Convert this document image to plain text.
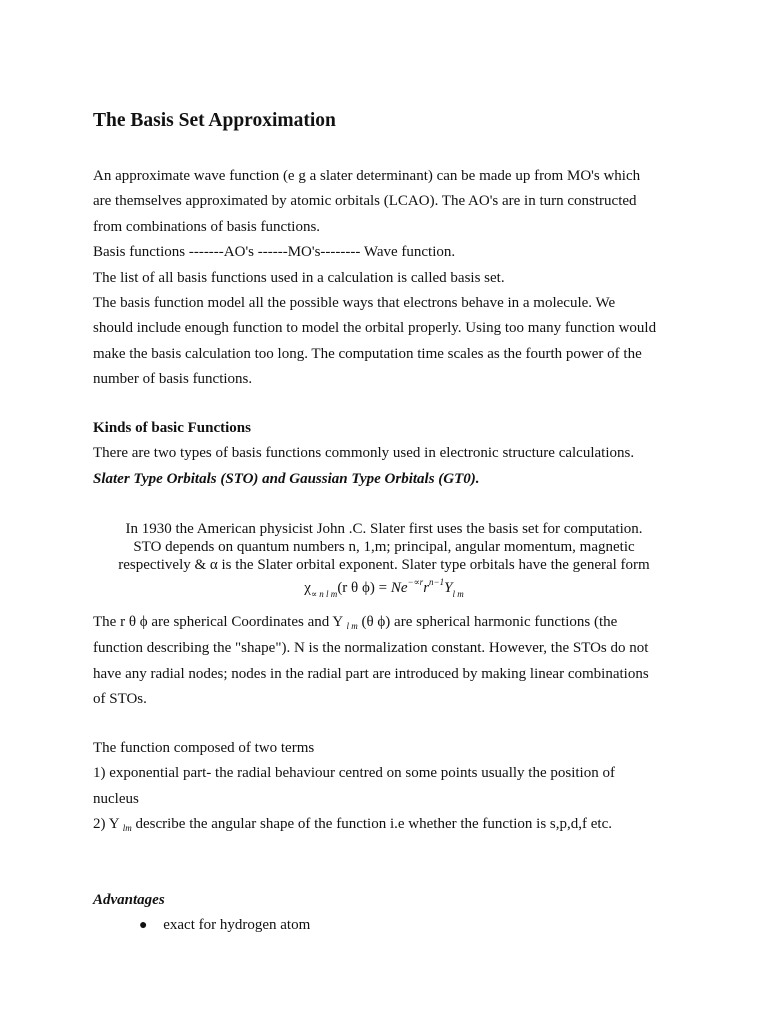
The Basis Set Approximation
An approximate wave function (e g a slater determinant) can be made up from MO's which
are themselves approximated by atomic orbitals (LCAO). The AO's are in turn constructed
from combinations of basis functions.
Basis functions -------AO's ------MO's-------- Wave function.
The list of all basis functions used in a calculation is called basis set.
The basis function model all the possible ways that electrons behave in a molecule. We
should include enough function to model the orbital properly. Using too many function would
make the basis calculation too long. The computation time scales as the fourth power of the
number of basis functions.
Kinds of basic Functions
There are two types of basis functions commonly used in electronic structure calculations.
Slater Type Orbitals (STO) and Gaussian Type Orbitals (GT0).
In 1930 the American physicist John .C. Slater first uses the basis set for computation.
STO depends on quantum numbers n, 1,m; principal, angular momentum, magnetic
respectively & α is the Slater orbital exponent. Slater type orbitals have the general form
$\chi_{\propto n l m}(r$ θ $\phi) = Ne^{-\propto r}r^{n-1}Y_{l m}$
The r θ ϕ are spherical Coordinates and Y $_{l m}$ (θ ϕ) are spherical harmonic functions (the
function describing the "shape"). N is the normalization constant. However, the STOs do not
have any radial nodes; nodes in the radial part are introduced by making linear combinations
of STOs.
The function composed of two terms
1) exponential part- the radial behaviour centred on some points usually the position of
nucleus
2) Y $_{lm}$ describe the angular shape of the function i.e whether the function is s,p,d,f etc.
Advantages
● exact for hydrogen atom
